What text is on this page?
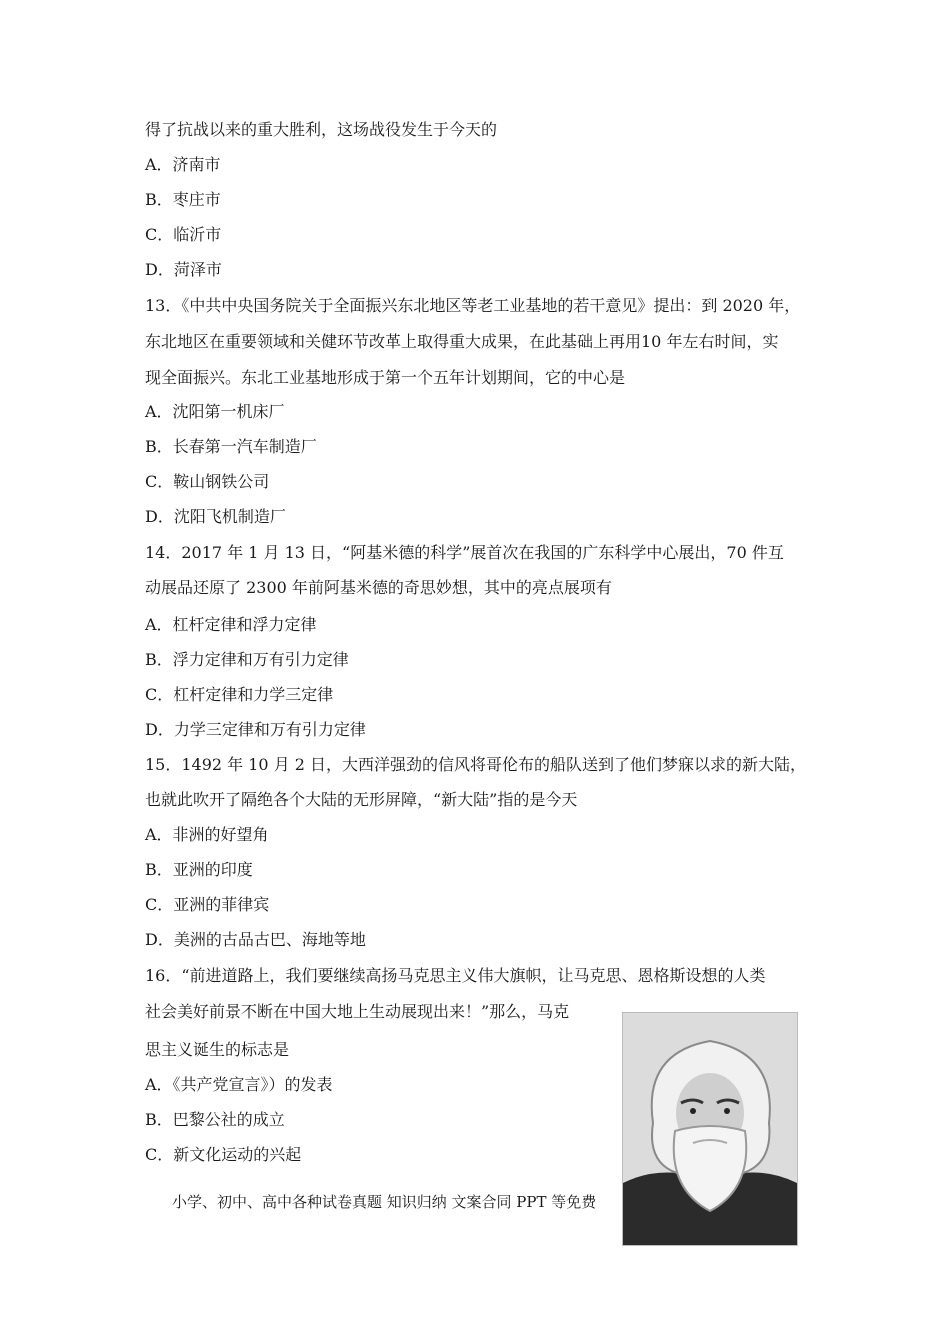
得了抗战以来的重大胜利，这场战役发生于今天的
A．济南市
B．枣庄市
C．临沂市
D．菏泽市
13．《中共中央国务院关于全面振兴东北地区等老工业基地的若干意见》提出：到 2020 年，
东北地区在重要领域和关健环节改革上取得重大成果，在此基础上再用10 年左右时间，实
现全面振兴。东北工业基地形成于第一个五年计划期间，它的中心是
A．沈阳第一机床厂
B．长春第一汽车制造厂
C．鞍山钢铁公司
D．沈阳飞机制造厂
14．2017 年 1 月 13 日，“阿基米德的科学”展首次在我国的广东科学中心展出，70 件互
动展品还原了 2300 年前阿基米德的奇思妙想，其中的亮点展项有
A．杠杆定律和浮力定律
B．浮力定律和万有引力定律
C．杠杆定律和力学三定律
D．力学三定律和万有引力定律
15．1492 年 10 月 2 日，大西洋强劲的信风将哥伦布的船队送到了他们梦寐以求的新大陆，
也就此吹开了隔绝各个大陆的无形屏障，“新大陆”指的是今天
A．非洲的好望角
B．亚洲的印度
C．亚洲的菲律宾
D．美洲的古品古巴、海地等地
16．“前进道路上，我们要继续高扬马克思主义伟大旗帜，让马克思、恩格斯设想的人类
社会美好前景不断在中国大地上生动展现出来！”那么，马克
思主义诞生的标志是
A．《共产党宣言》）的发表
B．巴黎公社的成立
C．新文化运动的兴起
小学、初中、高中各种试卷真题 知识归纳 文案合同 PPT 等免费
